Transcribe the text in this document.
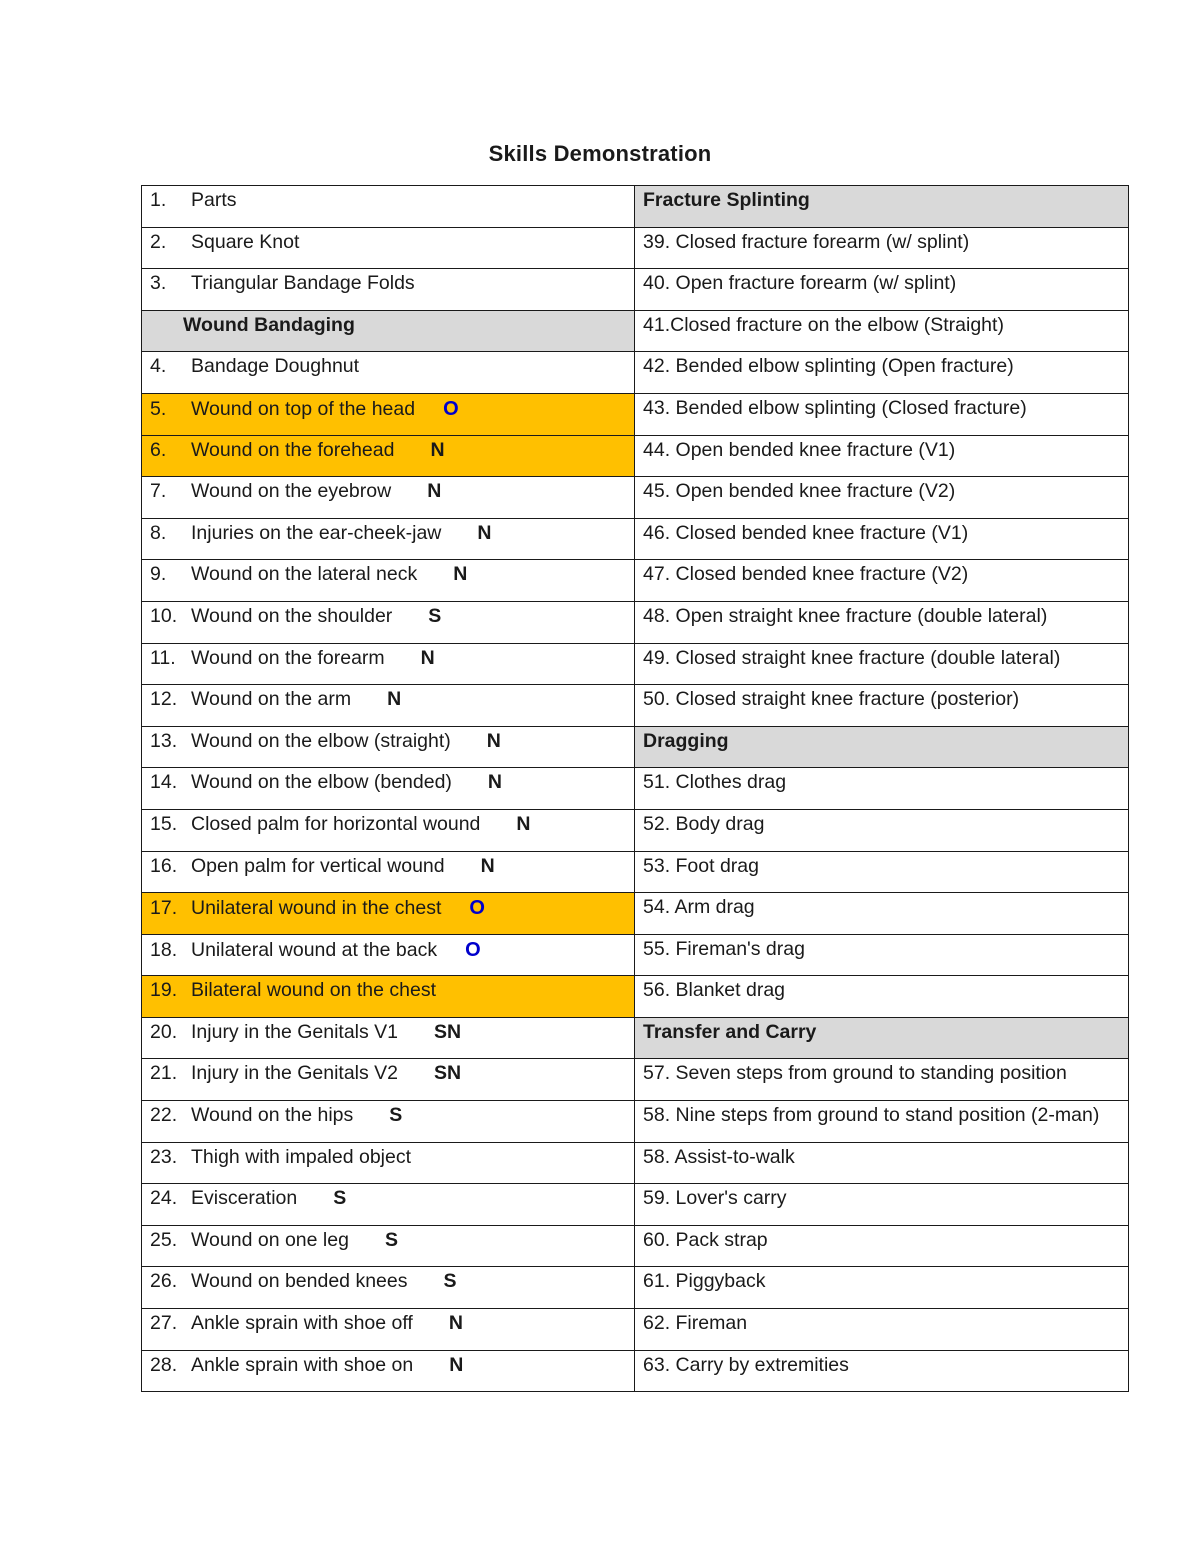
Skills Demonstration
1. Parts	Fracture Splinting
2. Square Knot	39. Closed fracture forearm (w/ splint)
3. Triangular Bandage Folds	40. Open fracture forearm (w/ splint)
Wound Bandaging	41.Closed fracture on the elbow (Straight)
4. Bandage Doughnut	42. Bended elbow splinting (Open fracture)
5. Wound on top of the head O	43. Bended elbow splinting (Closed fracture)
6. Wound on the forehead N	44. Open bended knee fracture (V1)
7. Wound on the eyebrow N	45. Open bended knee fracture (V2)
8. Injuries on the ear-cheek-jaw N	46. Closed bended knee fracture (V1)
9. Wound on the lateral neck N	47. Closed bended knee fracture (V2)
10. Wound on the shoulder S	48. Open straight knee fracture (double lateral)
11. Wound on the forearm N	49. Closed straight knee fracture (double lateral)
12. Wound on the arm N	50. Closed straight knee fracture (posterior)
13. Wound on the elbow (straight) N	Dragging
14. Wound on the elbow (bended) N	51. Clothes drag
15. Closed palm for horizontal wound N	52. Body drag
16. Open palm for vertical wound N	53. Foot drag
17. Unilateral wound in the chest O	54. Arm drag
18. Unilateral wound at the back O	55. Fireman's drag
19. Bilateral wound on the chest	56. Blanket drag
20. Injury in the Genitals V1 SN	Transfer and Carry
21. Injury in the Genitals V2 SN	57. Seven steps from ground to standing position
22. Wound on the hips S	58. Nine steps from ground to stand position (2-man)
23. Thigh with impaled object	58. Assist-to-walk
24. Evisceration S	59. Lover's carry
25. Wound on one leg S	60. Pack strap
26. Wound on bended knees S	61. Piggyback
27. Ankle sprain with shoe off N	62. Fireman
28. Ankle sprain with shoe on N	63. Carry by extremities
